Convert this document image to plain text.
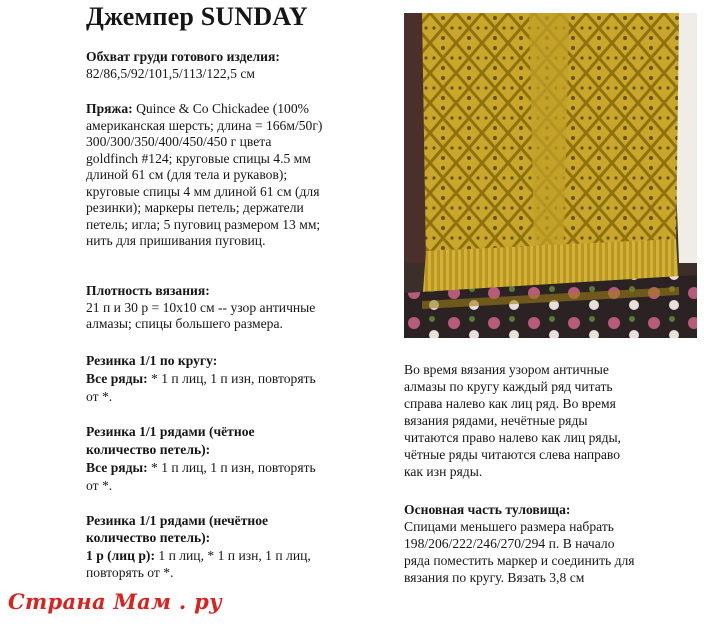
Джемпер SUNDAY

Обхват груди готового изделия:

82/86,5/92/101,5/113/122,5 см

Пряжа: Quince & Co Chickadee (100%

американская шерсть; длина = 166м/50г)

300/300/350/400/450/450 г цвета

goldfinch #124; круговые спицы 4.5 мм

длиной 61 см (для тела и рукавов);

круговые спицы 4 мм длиной 61 см (для

резинки); маркеры петель; держатели

петель; игла; 5 пуговиц размером 13 мм;

нить для пришивания пуговиц.

Плотность вязания:

21 п и 30 р = 10х10 см -- узор античные

алмазы; спицы большего размера.

Резинка 1/1 по кругу:

Все ряды: * 1 п лиц, 1 п изн, повторять

от *.

Резинка 1/1 рядами (чётное

количество петель):

Все ряды: * 1 п лиц, 1 п изн, повторять

от *.

Резинка 1/1 рядами (нечётное

количество петель):

1 р (лиц р): 1 п лиц, * 1 п изн, 1 п лиц,

повторять от *.

Во время вязания узором античные

алмазы по кругу каждый ряд читать

справа налево как лиц ряд. Во время

вязания рядами, нечётные ряды

читаются право налево как лиц ряды,

чётные ряды читаются слева направо

как изн ряды.

Основная часть туловища:

Спицами меньшего размера набрать

198/206/222/246/270/294 п. В начало

ряда поместить маркер и соединить для

вязания по кругу. Вязать 3,8 см

Страна Мам . ру
